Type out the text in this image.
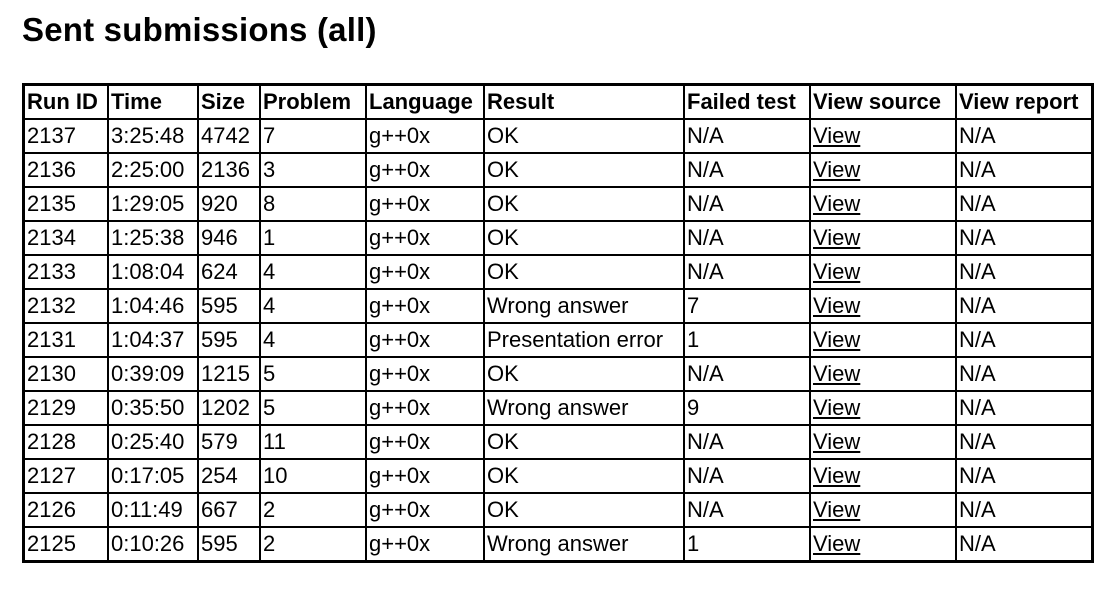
Sent submissions (all)
Run ID	Time	Size	Problem	Language	Result	Failed test	View source	View report
2137	3:25:48	4742	7	g++0x	OK	N/A	View	N/A
2136	2:25:00	2136	3	g++0x	OK	N/A	View	N/A
2135	1:29:05	920	8	g++0x	OK	N/A	View	N/A
2134	1:25:38	946	1	g++0x	OK	N/A	View	N/A
2133	1:08:04	624	4	g++0x	OK	N/A	View	N/A
2132	1:04:46	595	4	g++0x	Wrong answer	7	View	N/A
2131	1:04:37	595	4	g++0x	Presentation error	1	View	N/A
2130	0:39:09	1215	5	g++0x	OK	N/A	View	N/A
2129	0:35:50	1202	5	g++0x	Wrong answer	9	View	N/A
2128	0:25:40	579	11	g++0x	OK	N/A	View	N/A
2127	0:17:05	254	10	g++0x	OK	N/A	View	N/A
2126	0:11:49	667	2	g++0x	OK	N/A	View	N/A
2125	0:10:26	595	2	g++0x	Wrong answer	1	View	N/A
